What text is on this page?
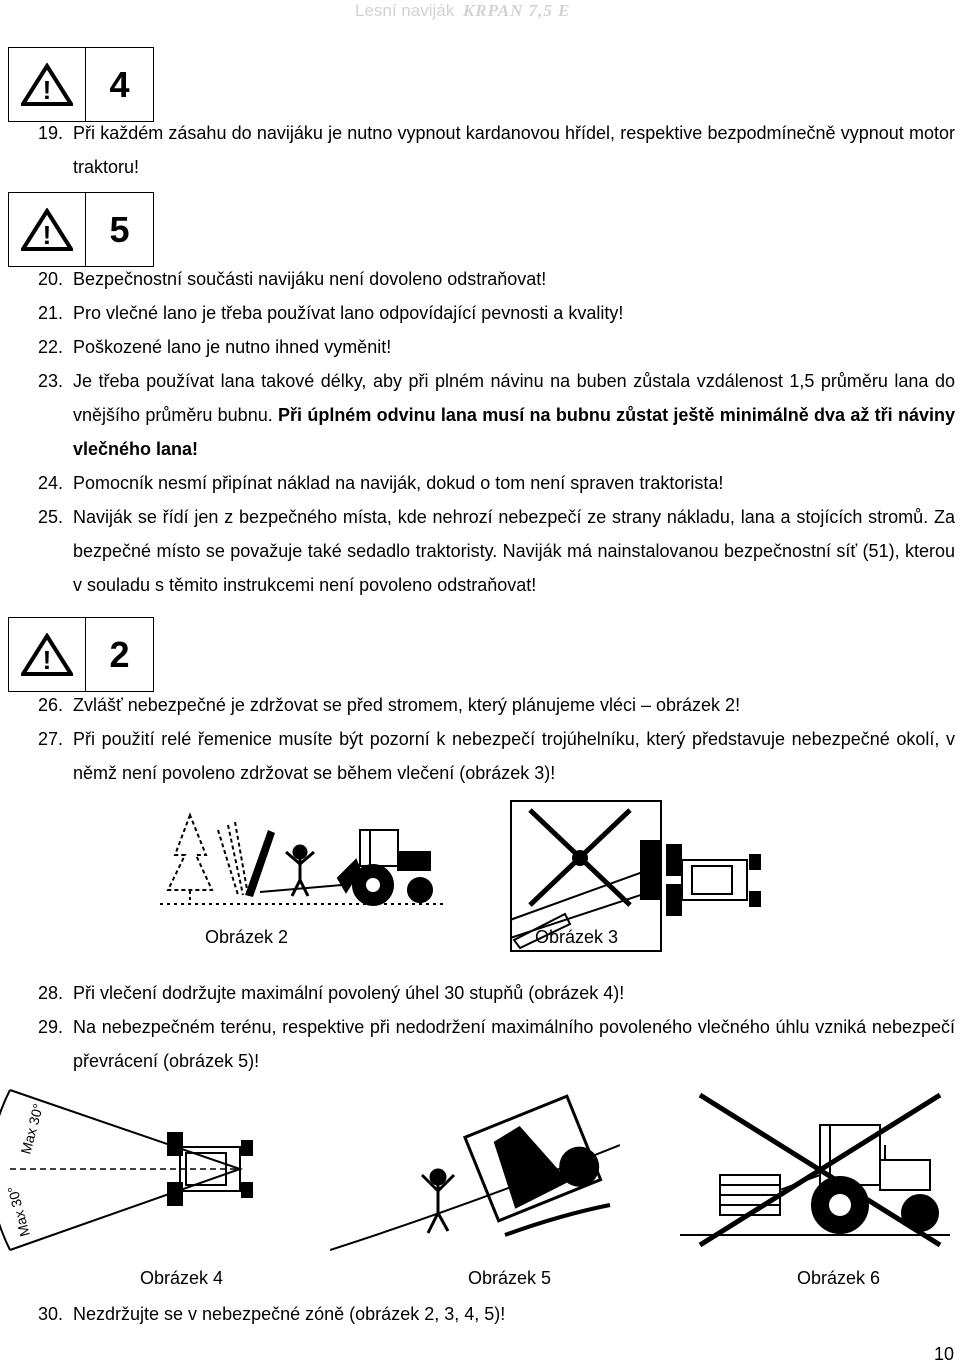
Lesní naviják KRPAN 7,5 E
!	4
19. Při každém zásahu do navijáku je nutno vypnout kardanovou hřídel, respektive bezpodmínečně vypnout motor traktoru!
!	5
20. Bezpečnostní součásti navijáku není dovoleno odstraňovat!
21. Pro vlečné lano je třeba používat lano odpovídající pevnosti a kvality!
22. Poškozené lano je nutno ihned vyměnit!
23. Je třeba používat lana takové délky, aby při plném návinu na buben zůstala vzdálenost 1,5 průměru lana do vnějšího průměru bubnu. Při úplném odvinu lana musí na bubnu zůstat ještě minimálně dva až tři náviny vlečného lana!
24. Pomocník nesmí připínat náklad na naviják, dokud o tom není spraven traktorista!
25. Naviják se řídí jen z bezpečného místa, kde nehrozí nebezpečí ze strany nákladu, lana a stojících stromů. Za bezpečné místo se považuje také sedadlo traktoristy. Naviják má nainstalovanou bezpečnostní síť (51), kterou v souladu s těmito instrukcemi není povoleno odstraňovat!
!	2
26. Zvlášť nebezpečné je zdržovat se před stromem, který plánujeme vléci – obrázek 2!
27. Při použití relé řemenice musíte být pozorní k nebezpečí trojúhelníku, který představuje nebezpečné okolí, v němž není povoleno zdržovat se během vlečení (obrázek 3)!
Obrázek 2	Obrázek 3
28. Při vlečení dodržujte maximální povolený úhel 30 stupňů (obrázek 4)!
29. Na nebezpečném terénu, respektive při nedodržení maximálního povoleného vlečného úhlu vzniká nebezpečí převrácení (obrázek 5)!
Max 30°
Max 30°
Obrázek 4	Obrázek 5	Obrázek 6
30. Nezdržujte se v nebezpečné zóně (obrázek 2, 3, 4, 5)!
10
